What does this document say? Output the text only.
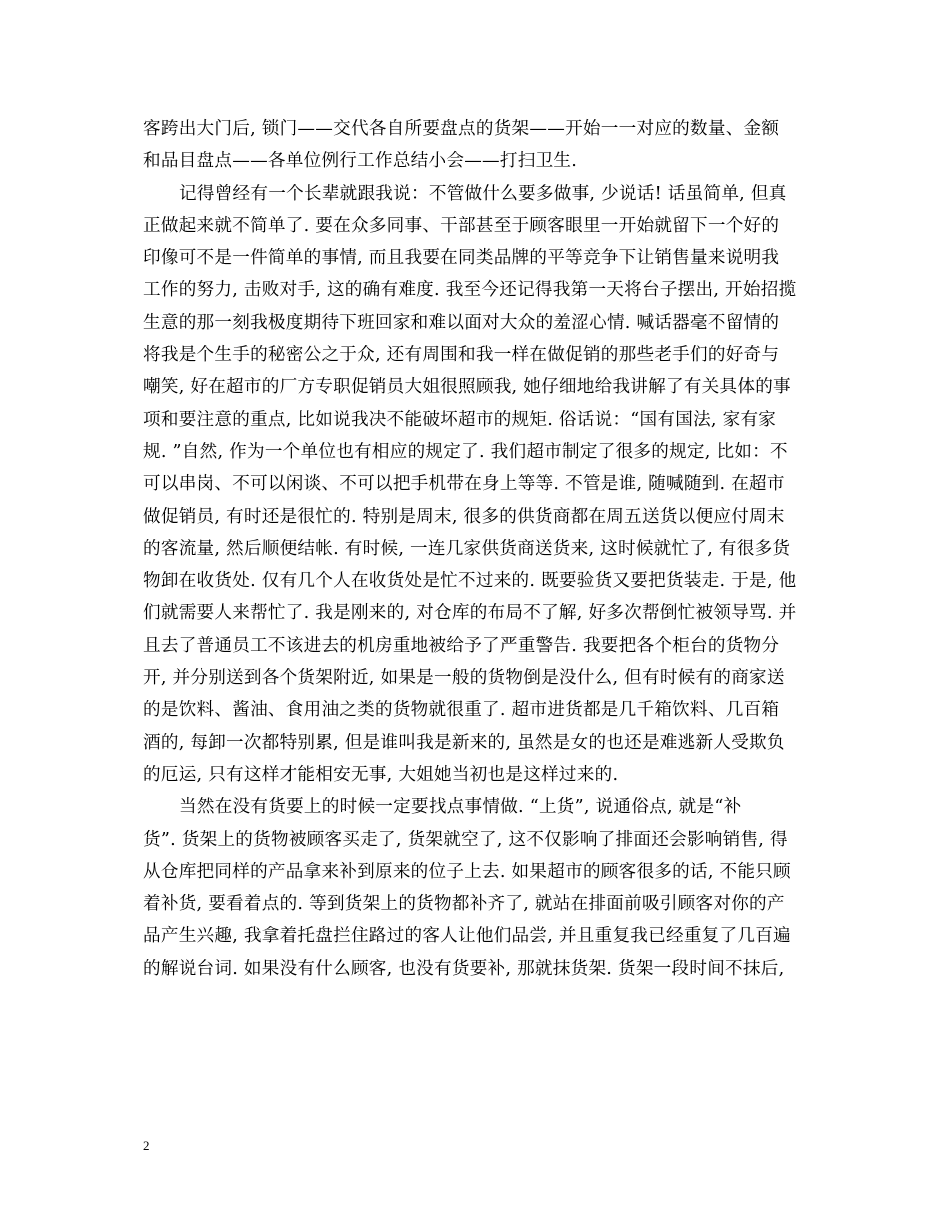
客跨出大门后, 锁门——交代各自所要盘点的货架——开始一一对应的数量、金额
和品目盘点——各单位例行工作总结小会——打扫卫生.
记得曾经有一个长辈就跟我说：不管做什么要多做事, 少说话! 话虽简单, 但真
正做起来就不简单了. 要在众多同事、干部甚至于顾客眼里一开始就留下一个好的
印像可不是一件简单的事情, 而且我要在同类品牌的平等竞争下让销售量来说明我
工作的努力, 击败对手, 这的确有难度. 我至今还记得我第一天将台子摆出, 开始招揽
生意的那一刻我极度期待下班回家和难以面对大众的羞涩心情. 喊话器毫不留情的
将我是个生手的秘密公之于众, 还有周围和我一样在做促销的那些老手们的好奇与
嘲笑, 好在超市的厂方专职促销员大姐很照顾我, 她仔细地给我讲解了有关具体的事
项和要注意的重点, 比如说我决不能破坏超市的规矩. 俗话说：“国有国法, 家有家
规. ”自然, 作为一个单位也有相应的规定了. 我们超市制定了很多的规定, 比如：不
可以串岗、不可以闲谈、不可以把手机带在身上等等. 不管是谁, 随喊随到. 在超市
做促销员, 有时还是很忙的. 特别是周末, 很多的供货商都在周五送货以便应付周末
的客流量, 然后顺便结帐. 有时候, 一连几家供货商送货来, 这时候就忙了, 有很多货
物卸在收货处. 仅有几个人在收货处是忙不过来的. 既要验货又要把货装走. 于是, 他
们就需要人来帮忙了. 我是刚来的, 对仓库的布局不了解, 好多次帮倒忙被领导骂. 并
且去了普通员工不该进去的机房重地被给予了严重警告. 我要把各个柜台的货物分
开, 并分别送到各个货架附近, 如果是一般的货物倒是没什么, 但有时候有的商家送
的是饮料、酱油、食用油之类的货物就很重了. 超市进货都是几千箱饮料、几百箱
酒的, 每卸一次都特别累, 但是谁叫我是新来的, 虽然是女的也还是难逃新人受欺负
的厄运, 只有这样才能相安无事, 大姐她当初也是这样过来的.
当然在没有货要上的时候一定要找点事情做. “上货”, 说通俗点, 就是“补
货”. 货架上的货物被顾客买走了, 货架就空了, 这不仅影响了排面还会影响销售, 得
从仓库把同样的产品拿来补到原来的位子上去. 如果超市的顾客很多的话, 不能只顾
着补货, 要看着点的. 等到货架上的货物都补齐了, 就站在排面前吸引顾客对你的产
品产生兴趣, 我拿着托盘拦住路过的客人让他们品尝, 并且重复我已经重复了几百遍
的解说台词. 如果没有什么顾客, 也没有货要补, 那就抹货架. 货架一段时间不抹后,
2
